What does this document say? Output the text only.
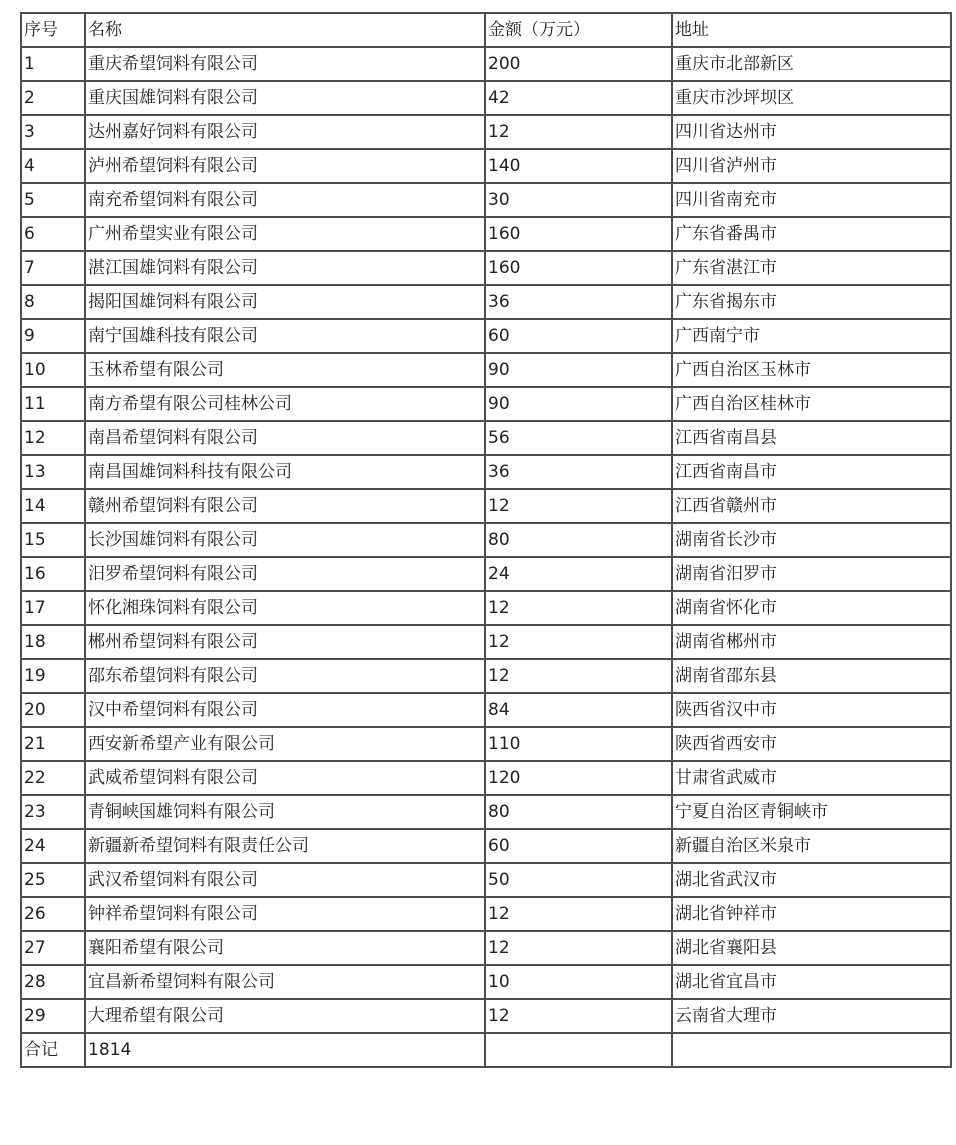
序号	名称	金额（万元）	地址
1	重庆希望饲料有限公司	200	重庆市北部新区
2	重庆国雄饲料有限公司	42	重庆市沙坪坝区
3	达州嘉好饲料有限公司	12	四川省达州市
4	泸州希望饲料有限公司	140	四川省泸州市
5	南充希望饲料有限公司	30	四川省南充市
6	广州希望实业有限公司	160	广东省番禺市
7	湛江国雄饲料有限公司	160	广东省湛江市
8	揭阳国雄饲料有限公司	36	广东省揭东市
9	南宁国雄科技有限公司	60	广西南宁市
10	玉林希望有限公司	90	广西自治区玉林市
11	南方希望有限公司桂林公司	90	广西自治区桂林市
12	南昌希望饲料有限公司	56	江西省南昌县
13	南昌国雄饲料科技有限公司	36	江西省南昌市
14	赣州希望饲料有限公司	12	江西省赣州市
15	长沙国雄饲料有限公司	80	湖南省长沙市
16	汨罗希望饲料有限公司	24	湖南省汨罗市
17	怀化湘珠饲料有限公司	12	湖南省怀化市
18	郴州希望饲料有限公司	12	湖南省郴州市
19	邵东希望饲料有限公司	12	湖南省邵东县
20	汉中希望饲料有限公司	84	陕西省汉中市
21	西安新希望产业有限公司	110	陕西省西安市
22	武威希望饲料有限公司	120	甘肃省武威市
23	青铜峡国雄饲料有限公司	80	宁夏自治区青铜峡市
24	新疆新希望饲料有限责任公司	60	新疆自治区米泉市
25	武汉希望饲料有限公司	50	湖北省武汉市
26	钟祥希望饲料有限公司	12	湖北省钟祥市
27	襄阳希望有限公司	12	湖北省襄阳县
28	宜昌新希望饲料有限公司	10	湖北省宜昌市
29	大理希望有限公司	12	云南省大理市
合记	1814		
